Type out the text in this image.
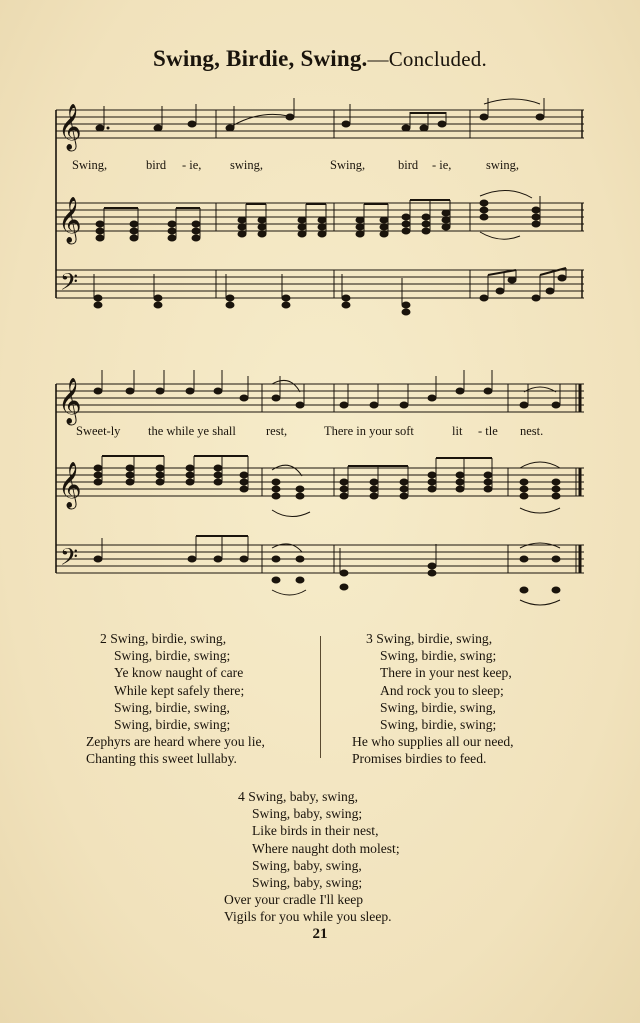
Swing, Birdie, Swing.—Concluded.
𝄞
𝄞
𝄢
𝄞
𝄞
𝄢
Swing,	bird - ie, swing,	Swing,	bird - ie,	swing,
Sweet-ly the while ye shall rest,	There in your soft	lit - tle nest.
2 Swing, birdie, swing,
Swing, birdie, swing;
Ye know naught of care
While kept safely there;
Swing, birdie, swing,
Swing, birdie, swing;
Zephyrs are heard where you lie,
Chanting this sweet lullaby.
3 Swing, birdie, swing,
Swing, birdie, swing;
There in your nest keep,
And rock you to sleep;
Swing, birdie, swing,
Swing, birdie, swing;
He who supplies all our need,
Promises birdies to feed.
4 Swing, baby, swing,
Swing, baby, swing;
Like birds in their nest,
Where naught doth molest;
Swing, baby, swing,
Swing, baby, swing;
Over your cradle I'll keep
Vigils for you while you sleep.
21
